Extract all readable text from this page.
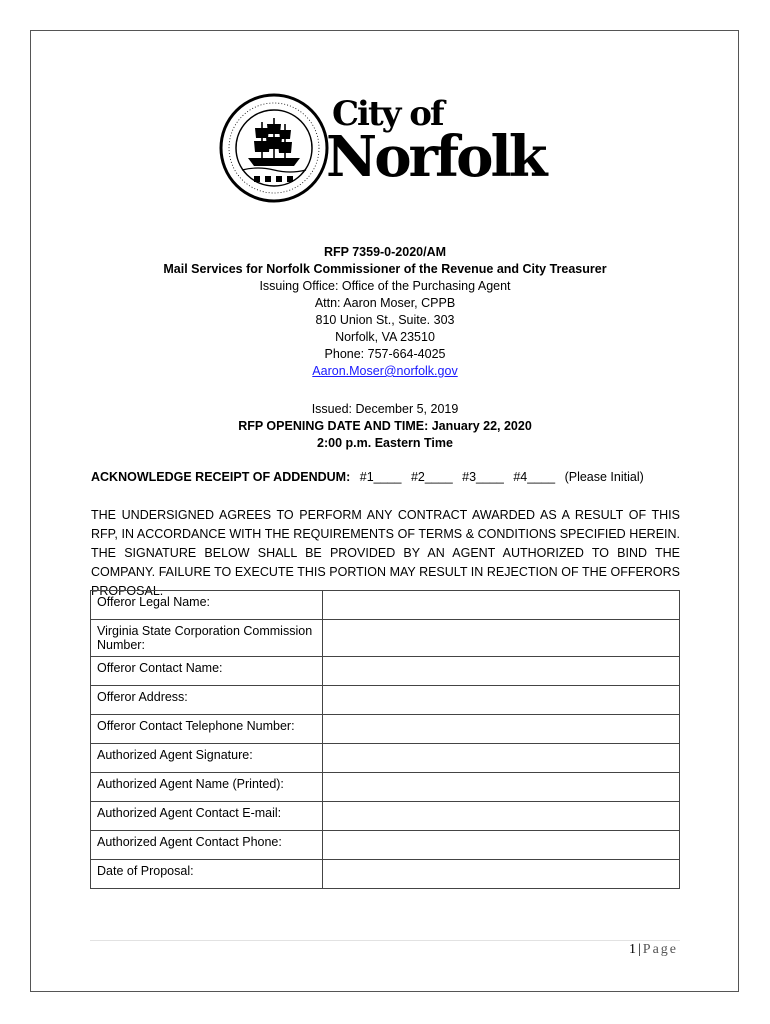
City of
Norfolk
RFP 7359-0-2020/AM
Mail Services for Norfolk Commissioner of the Revenue and City Treasurer
Issuing Office: Office of the Purchasing Agent
Attn: Aaron Moser, CPPB
810 Union St., Suite. 303
Norfolk, VA 23510
Phone: 757-664-4025
Aaron.Moser@norfolk.gov
Issued: December 5, 2019
RFP OPENING DATE AND TIME: January 22, 2020
2:00 p.m. Eastern Time
ACKNOWLEDGE RECEIPT OF ADDENDUM: #1____ #2____ #3____ #4____ (Please Initial)
THE UNDERSIGNED AGREES TO PERFORM ANY CONTRACT AWARDED AS A RESULT OF THIS RFP, IN ACCORDANCE WITH THE REQUIREMENTS OF TERMS & CONDITIONS SPECIFIED HEREIN. THE SIGNATURE BELOW SHALL BE PROVIDED BY AN AGENT AUTHORIZED TO BIND THE COMPANY. FAILURE TO EXECUTE THIS PORTION MAY RESULT IN REJECTION OF THE OFFERORS PROPOSAL.
Offeror Legal Name:	
Virginia State Corporation Commission Number:	
Offeror Contact Name:	
Offeror Address:	
Offeror Contact Telephone Number:	
Authorized Agent Signature:	
Authorized Agent Name (Printed):	
Authorized Agent Contact E-mail:	
Authorized Agent Contact Phone:	
Date of Proposal:	
1 | Page
